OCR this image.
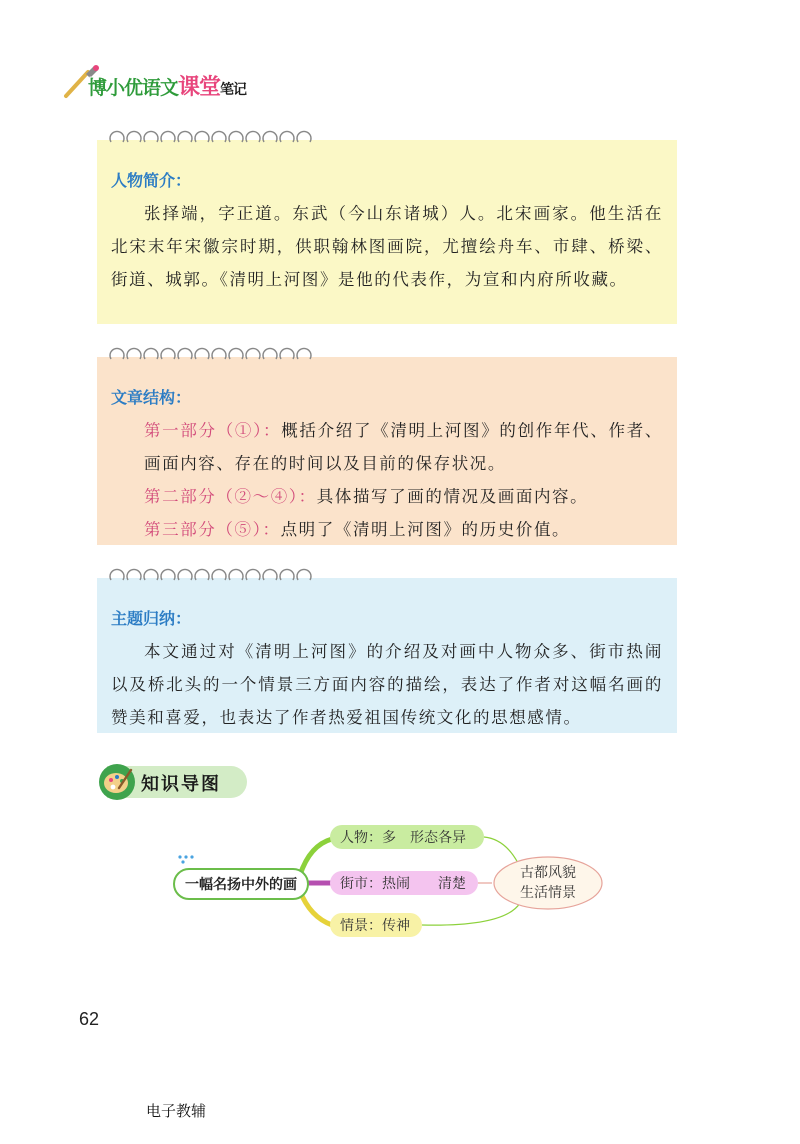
博小优语文课堂笔记
人物简介：

张择端，字正道。东武（今山东诸城）人。北宋画家。他生活在北宋末年宋徽宗时期，供职翰林图画院，尤擅绘舟车、市肆、桥梁、街道、城郭。《清明上河图》是他的代表作，为宣和内府所收藏。

文章结构：

第一部分（①）：概括介绍了《清明上河图》的创作年代、作者、画面内容、存在的时间以及目前的保存状况。

第二部分（②～④）：具体描写了画的情况及画面内容。

第三部分（⑤）：点明了《清明上河图》的历史价值。

主题归纳：

本文通过对《清明上河图》的介绍及对画中人物众多、街市热闹以及桥北头的一个情景三方面内容的描绘，表达了作者对这幅名画的赞美和喜爱，也表达了作者热爱祖国传统文化的思想感情。

知识导图
一幅名扬中外的画
人物：多　形态各异
街市：热闹　　清楚
情景：传神
古都风貌
生活情景
62
电子教辅
